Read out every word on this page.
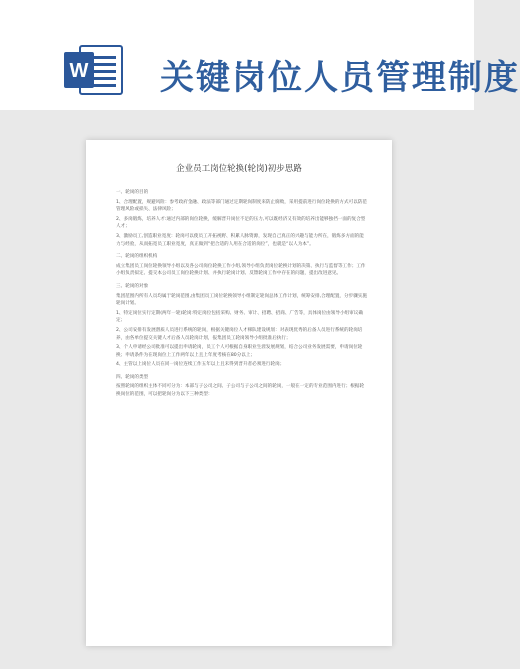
W 关键岗位人员管理制度
企业员工岗位轮换(轮岗)初步思路

一、轮岗的目的

1、合理配置，规避风险：参考政府金融、政法等部门通过定期轮岗制度来防止腐败，采用提前进行岗位轮换的方式可以防范管理风险或损失、法律风险；

2、多岗锻炼，培养人才:通过内部的岗位轮换，缓解晋升岗位不足的压力,可以既经济又有效的培养出能够独挡一面的复合型人才；

3、激励员工,创造职业宽度：轮岗可以使员工开拓视野、积累人脉资源，发现自己真正的兴趣与能力所在，锻炼多方面的能力与经验，从而拓宽员工职业宽度，真正做到“把合适的人用在合适的岗位”，也就是“以人为本”。

二、轮岗的组织机构

成立集团员工岗位轮换领导小组以及各公司岗位轮换工作小组,领导小组负责岗位轮换计划的决策、执行与监督等工作；工作小组负责拟定、提交本公司员工岗位轮换计划、并执行轮岗计划、反馈轮岗工作中存在的问题，提出改进意见。

三、轮岗的对象

集团范围内所有人员均属于轮岗范围,由集团员工岗位轮换领导小组制定轮岗总体工作计划，统筹安排,合理配置，分步骤实施轮岗计划。

1、特定岗位实行定期(两年一轮)轮岗:特定岗位包括采购、财务、审计、招聘、招商、广告等，具体岗位由领导小组审议确定；

2、公司安排有发展潜质人员进行系统的轮岗，根据关键岗位人才梯队建设规划：对表现优秀的后备人员进行系统的轮岗培养，由各单位提交关键人才后备人员轮岗计划，报集团员工轮岗领导小组批准后执行；

3、个人申请经公司批准可以提出申请轮岗，员工个人可根据自身职业生涯发展规划，结合公司业务发展需要，申请岗位轮换；申请条件为在现岗位上工作两年以上且上年度考核在80分以上；

4、主管以上岗位人员在同一岗位连续工作五年以上且未得到晋升者必须进行轮岗；

四、轮岗的类型

按照轮岗的组织主体不同可分为：本部与子公司之间、子公司与子公司之间的轮岗，一般在一定的专业范围内进行；根据轮换岗位的范围，可以把轮岗分为以下三种类型：
